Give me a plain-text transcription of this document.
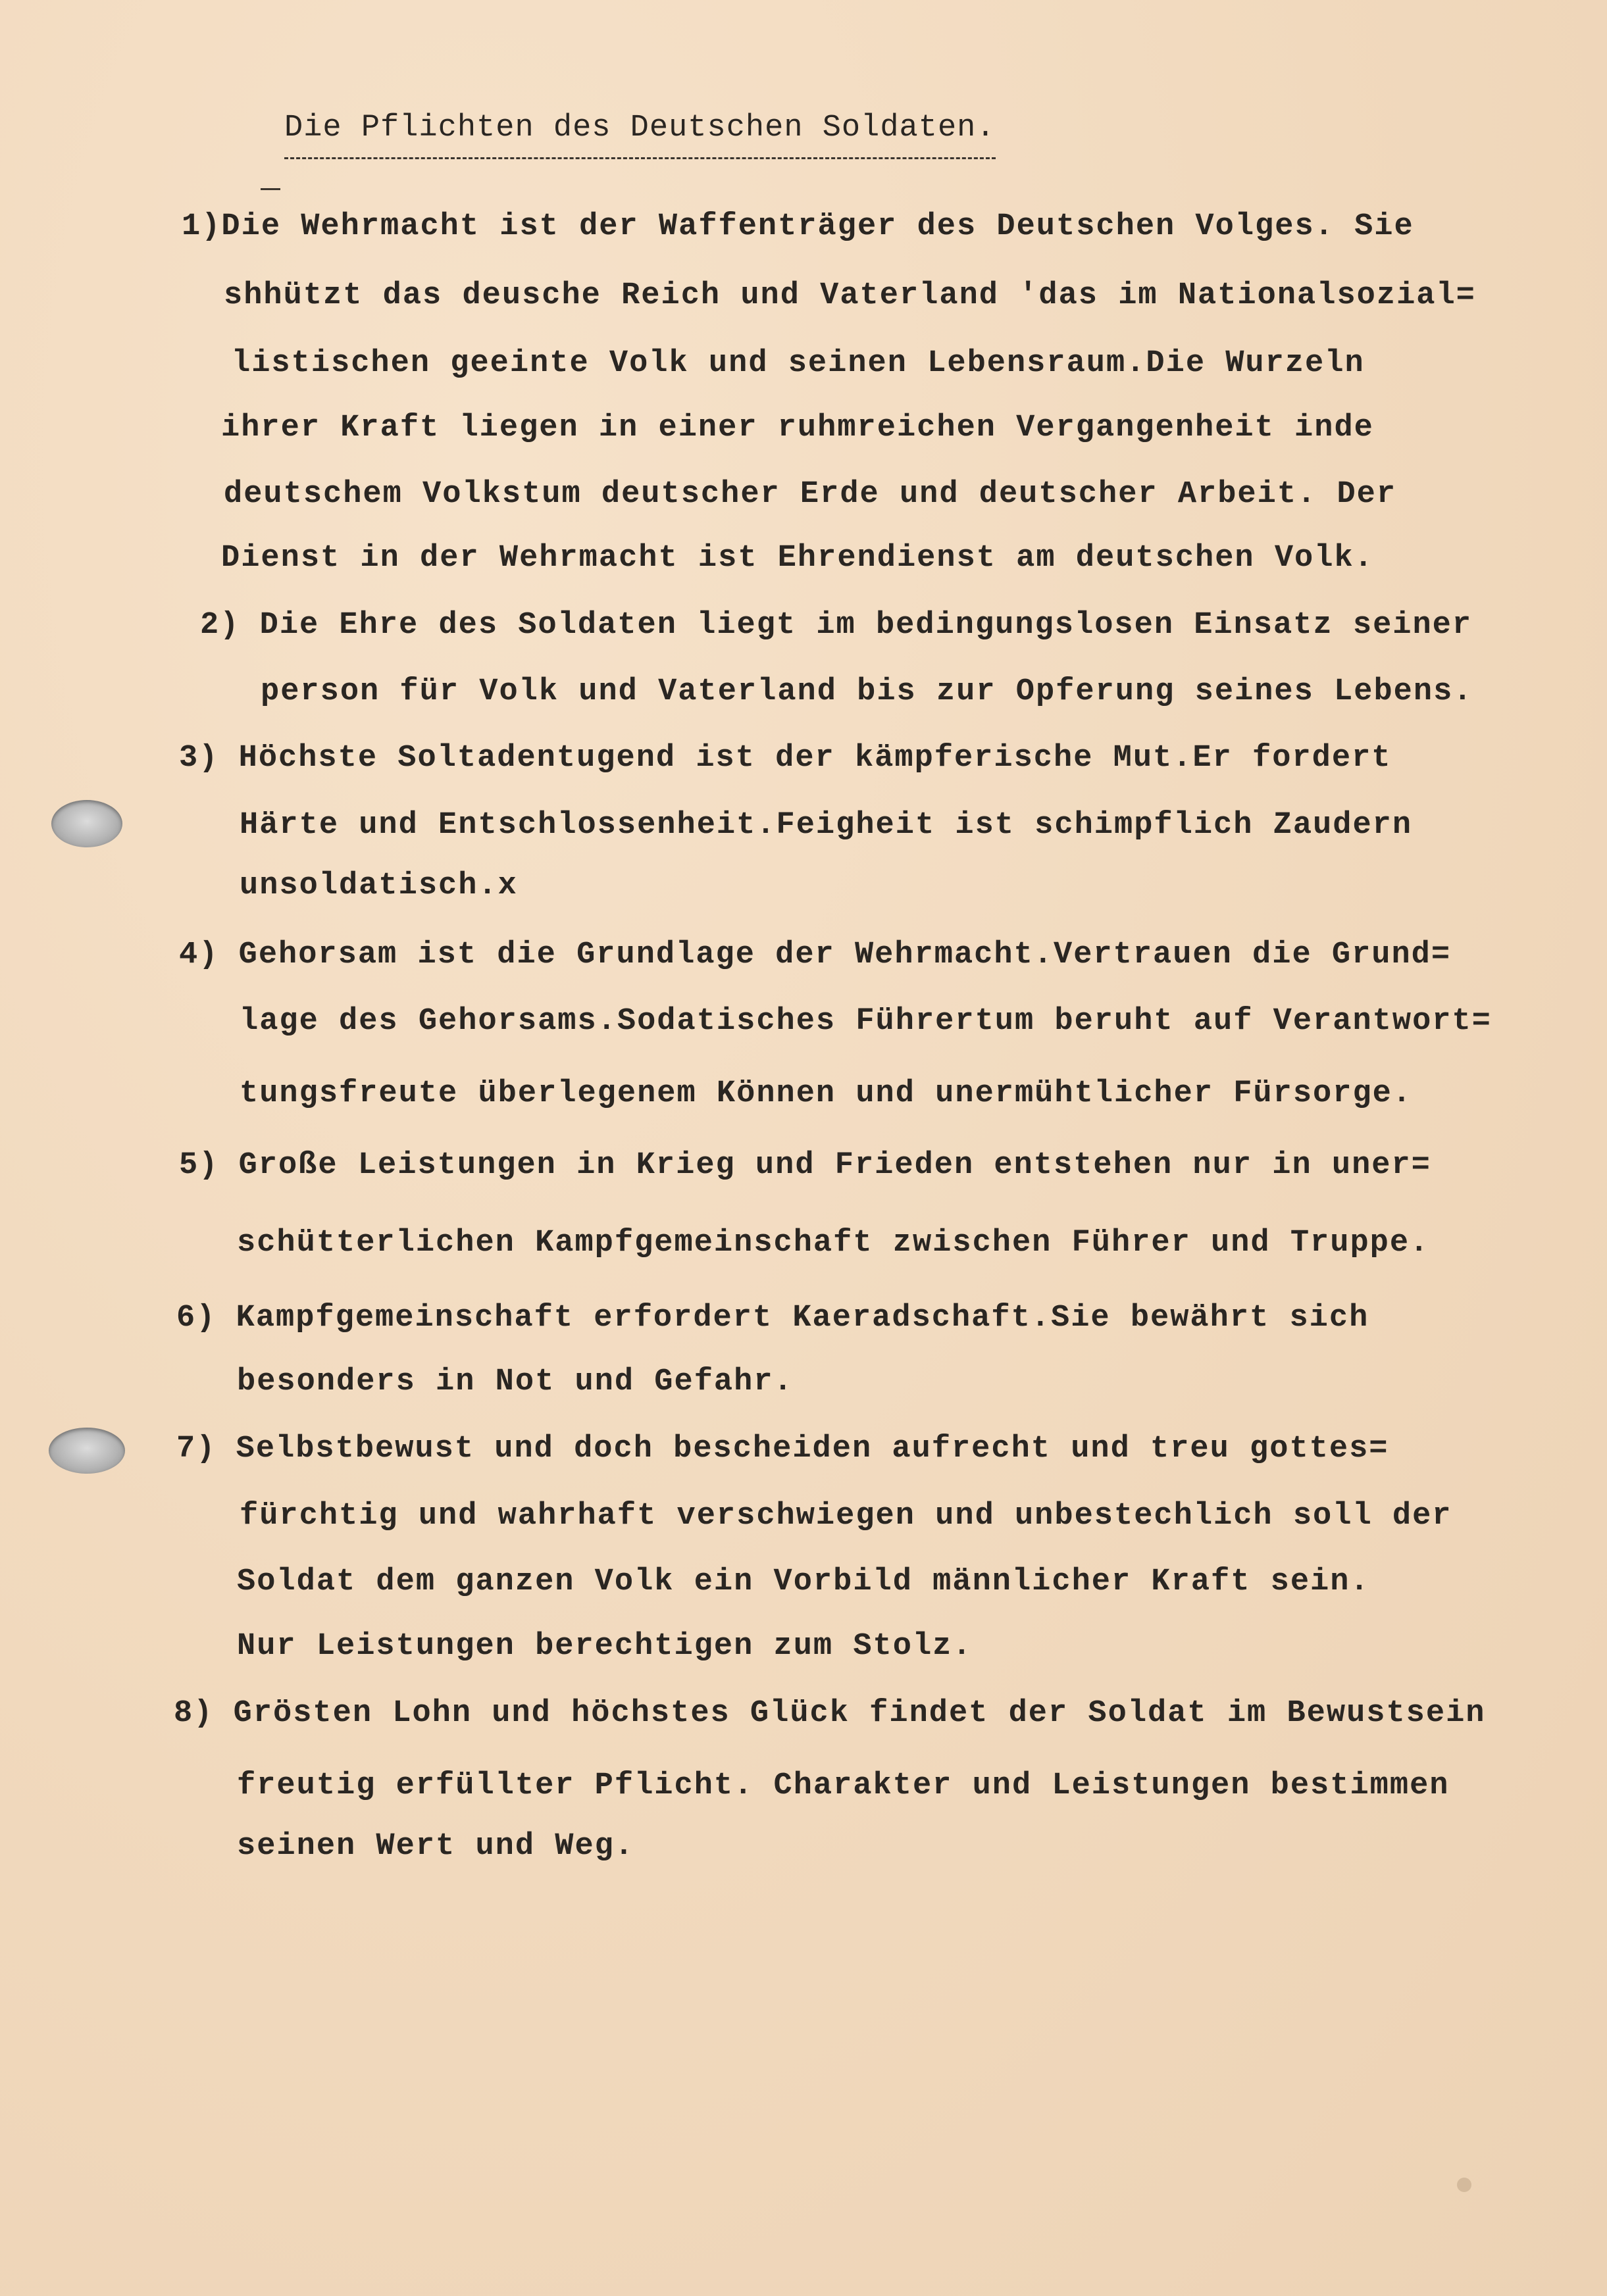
Die Pflichten des Deutschen Soldaten.
1)Die Wehrmacht ist der Waffenträger des Deutschen Volges. Sie
shhützt das deusche Reich und Vaterland 'das im Nationalsozial=
listischen geeinte Volk und seinen Lebensraum.Die Wurzeln
ihrer Kraft liegen in einer ruhmreichen Vergangenheit inde
deutschem Volkstum deutscher Erde und deutscher Arbeit. Der
Dienst in der Wehrmacht ist Ehrendienst am deutschen Volk.
2) Die Ehre des Soldaten liegt im bedingungslosen Einsatz seiner
person für Volk und Vaterland bis zur Opferung seines Lebens.
3) Höchste Soltadentugend ist der kämpferische Mut.Er fordert
Härte und Entschlossenheit.Feigheit ist schimpflich Zaudern
unsoldatisch.x
4) Gehorsam ist die Grundlage der Wehrmacht.Vertrauen die Grund=
lage des Gehorsams.Sodatisches Führertum beruht auf Verantwort=
tungsfreute überlegenem Können und unermühtlicher Fürsorge.
5) Große Leistungen in Krieg und Frieden entstehen nur in uner=
schütterlichen Kampfgemeinschaft zwischen Führer und Truppe.
6) Kampfgemeinschaft erfordert Kaeradschaft.Sie bewährt sich
besonders in Not und Gefahr.
7) Selbstbewust und doch bescheiden aufrecht und treu gottes=
fürchtig und wahrhaft verschwiegen und unbestechlich soll der
Soldat dem ganzen Volk ein Vorbild männlicher Kraft sein.
Nur Leistungen berechtigen zum Stolz.
8) Grösten Lohn und höchstes Glück findet der Soldat im Bewustsein
freutig erfüllter Pflicht. Charakter und Leistungen bestimmen
seinen Wert und Weg.
